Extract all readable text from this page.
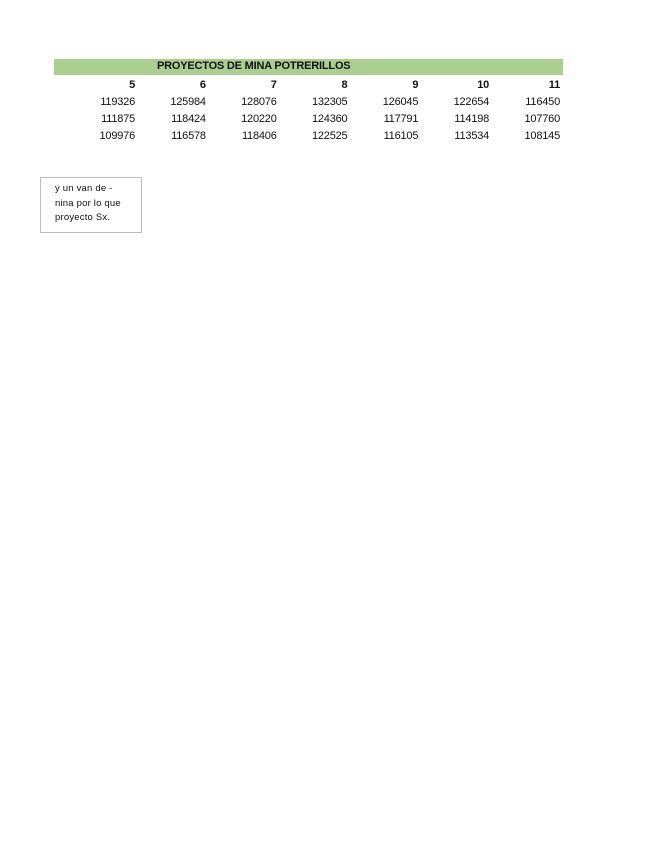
PROYECTOS DE MINA POTRERILLOS
5	6	7	8	9	10	11
119326	125984	128076	132305	126045	122654	116450
111875	118424	120220	124360	117791	114198	107760
109976	116578	118406	122525	116105	113534	108145
y un van de -
nina por lo que
proyecto Sx.
